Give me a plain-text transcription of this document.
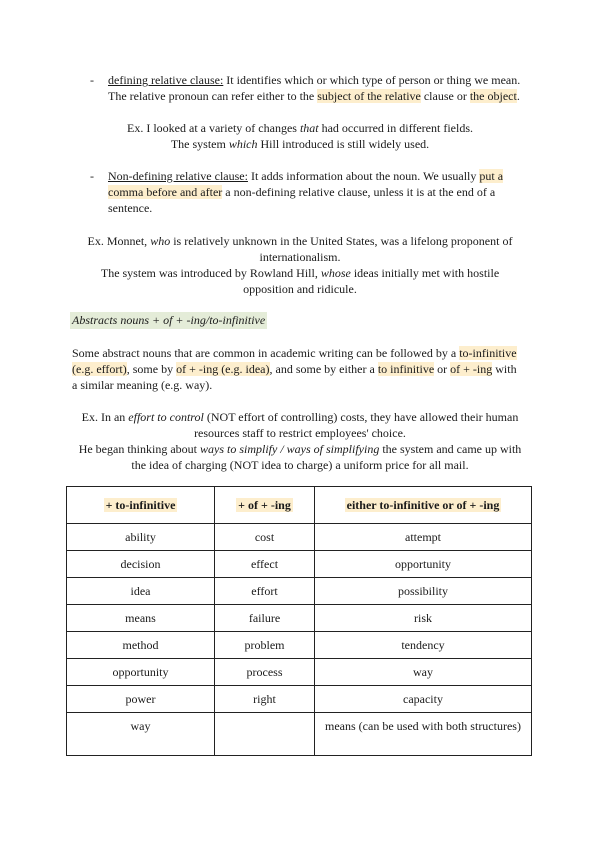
- defining relative clause: It identifies which or which type of person or thing we mean.
The relative pronoun can refer either to the subject of the relative clause or the object.
Ex. I looked at a variety of changes that had occurred in different fields.
The system which Hill introduced is still widely used.
- Non-defining relative clause: It adds information about the noun. We usually put a
comma before and after a non-defining relative clause, unless it is at the end of a
sentence.
Ex. Monnet, who is relatively unknown in the United States, was a lifelong proponent of
internationalism.
The system was introduced by Rowland Hill, whose ideas initially met with hostile
opposition and ridicule.
Abstracts nouns + of + -ing/to-infinitive
Some abstract nouns that are common in academic writing can be followed by a to-infinitive
(e.g. effort), some by of + -ing (e.g. idea), and some by either a to infinitive or of + -ing with
a similar meaning (e.g. way).
Ex. In an effort to control (NOT effort of controlling) costs, they have allowed their human
resources staff to restrict employees' choice.
He began thinking about ways to simplify / ways of simplifying the system and came up with
the idea of charging (NOT idea to charge) a uniform price for all mail.
+ to-infinitive	+ of + -ing	either to-infinitive or of + -ing
ability	cost	attempt
decision	effect	opportunity
idea	effort	possibility
means	failure	risk
method	problem	tendency
opportunity	process	way
power	right	capacity
way		means (can be used with both structures)
